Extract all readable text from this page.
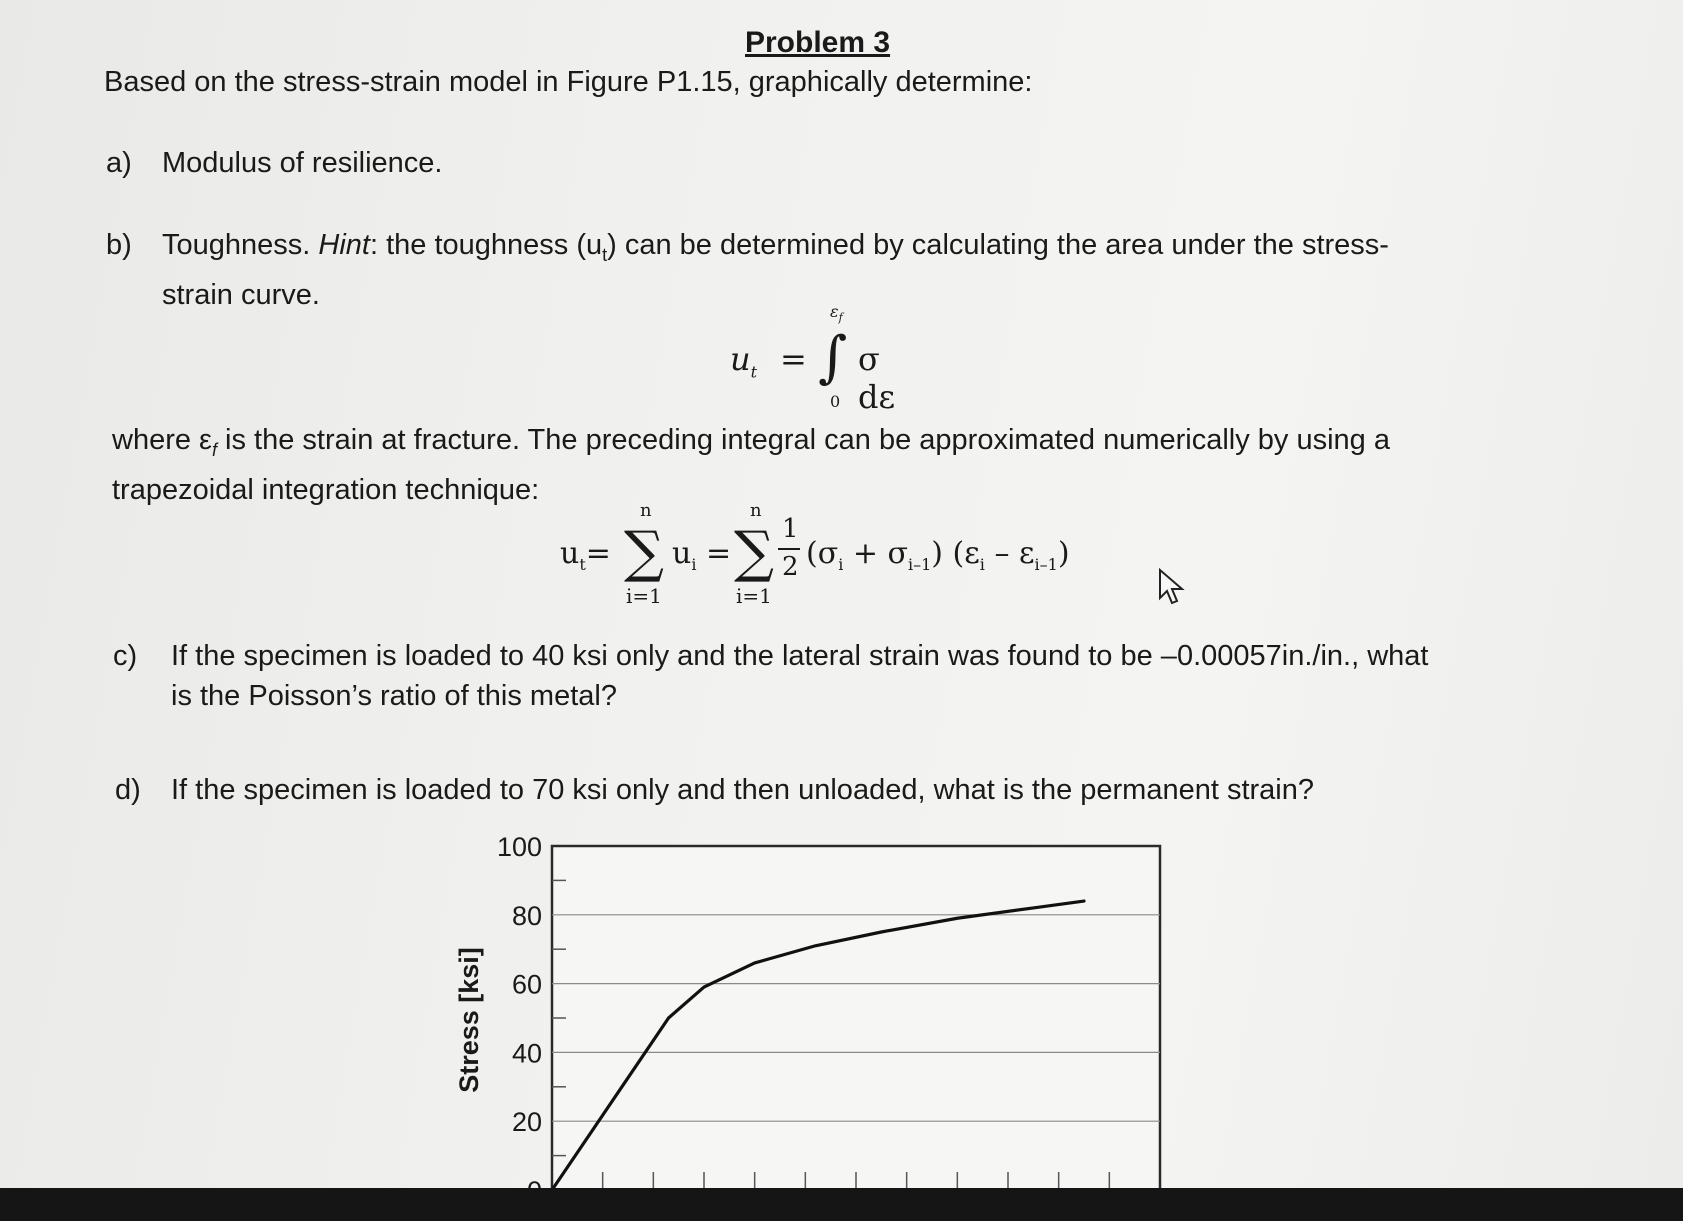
Problem 3
Based on the stress-strain model in Figure P1.15, graphically determine:
a) Modulus of resilience.
b) Toughness. Hint: the toughness $(u_t)$ can be determined by calculating the area under the stress-
strain curve.
$u_t$ = ∫
$\varepsilon_f$
0
σ dε
where $\varepsilon_f$ is the strain at fracture. The preceding integral can be approximated numerically by using a
trapezoidal integration technique:
$u_t=$ ∑
n
i=1
$u_i$ = ∑
n
i=1
1
2 $(\sigma_i + \sigma_{i-1})$ $(\varepsilon_i - \varepsilon_{i-1})$
c) If the specimen is loaded to 40 ksi only and the lateral strain was found to be –0.00057in./in., what
is the Poisson’s ratio of this metal?
d) If the specimen is loaded to 70 ksi only and then unloaded, what is the permanent strain?
20
40
60
80
100
Stress [ksi]
